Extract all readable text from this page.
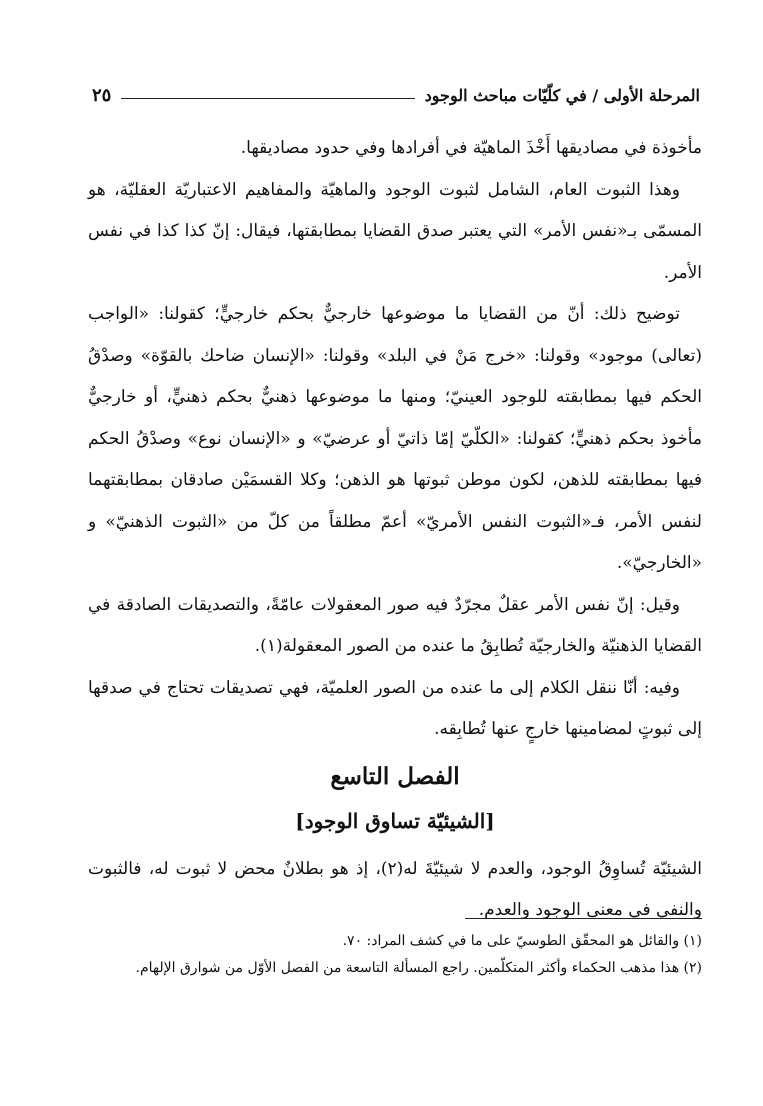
المرحلة الأولى / في كلّيّات مباحث الوجود
٢٥

مأخوذة في مصاديقها أَخْذَ الماهيّة في أفرادها وفي حدود مصاديقها.

وهذا الثبوت العام، الشامل لثبوت الوجود والماهيّة والمفاهيم الاعتباريّة العقليّة، هو المسمّى بـ«نفس الأمر» التي يعتبر صدق القضايا بمطابقتها، فيقال: إنّ كذا كذا في نفس الأمر.

توضيح ذلك: أنّ من القضايا ما موضوعها خارجيٌّ بحكم خارجيٍّ؛ كقولنا: «الواجب (تعالى) موجود» وقولنا: «خرج مَنْ في البلد» وقولنا: «الإنسان ضاحك بالقوّة» وصدْقُ الحكم فيها بمطابقته للوجود العينيّ؛ ومنها ما موضوعها ذهنيٌّ بحكم ذهنيٍّ، أو خارجيٌّ مأخوذ بحكم ذهنيٍّ؛ كقولنا: «الكلّيّ إمّا ذاتيّ أو عرضيّ» و «الإنسان نوع» وصدْقُ الحكم فيها بمطابقته للذهن، لكون موطن ثبوتها هو الذهن؛ وكلا القسمَيْن صادقان بمطابقتهما لنفس الأمر، فـ«الثبوت النفس الأمريّ» أعمّ مطلقاً من كلّ من «الثبوت الذهنيّ» و «الخارجيّ».

وقيل: إنّ نفس الأمر عقلٌ مجرّدٌ فيه صور المعقولات عامّةً، والتصديقات الصادقة في القضايا الذهنيّة والخارجيّة تُطابِقُ ما عنده من الصور المعقولة(١).

وفيه: أنّا ننقل الكلام إلى ما عنده من الصور العلميّة، فهي تصديقات تحتاج في صدقها إلى ثبوتٍ لمضامينها خارجٍ عنها تُطابِقه.

الفصل التاسع
[الشيئيّة تساوق الوجود]

الشيئيّة تُساوِقُ الوجود، والعدم لا شيئيّةَ له(٢)، إذ هو بطلانٌ محض لا ثبوت له، فالثبوت والنفي في معنى الوجود والعدم.

(١) والقائل هو المحقّق الطوسيّ على ما في كشف المراد: ٧٠.

(٢) هذا مذهب الحكماء وأكثر المتكلّمين. راجع المسألة التاسعة من الفصل الأوّل من شوارق الإلهام.
